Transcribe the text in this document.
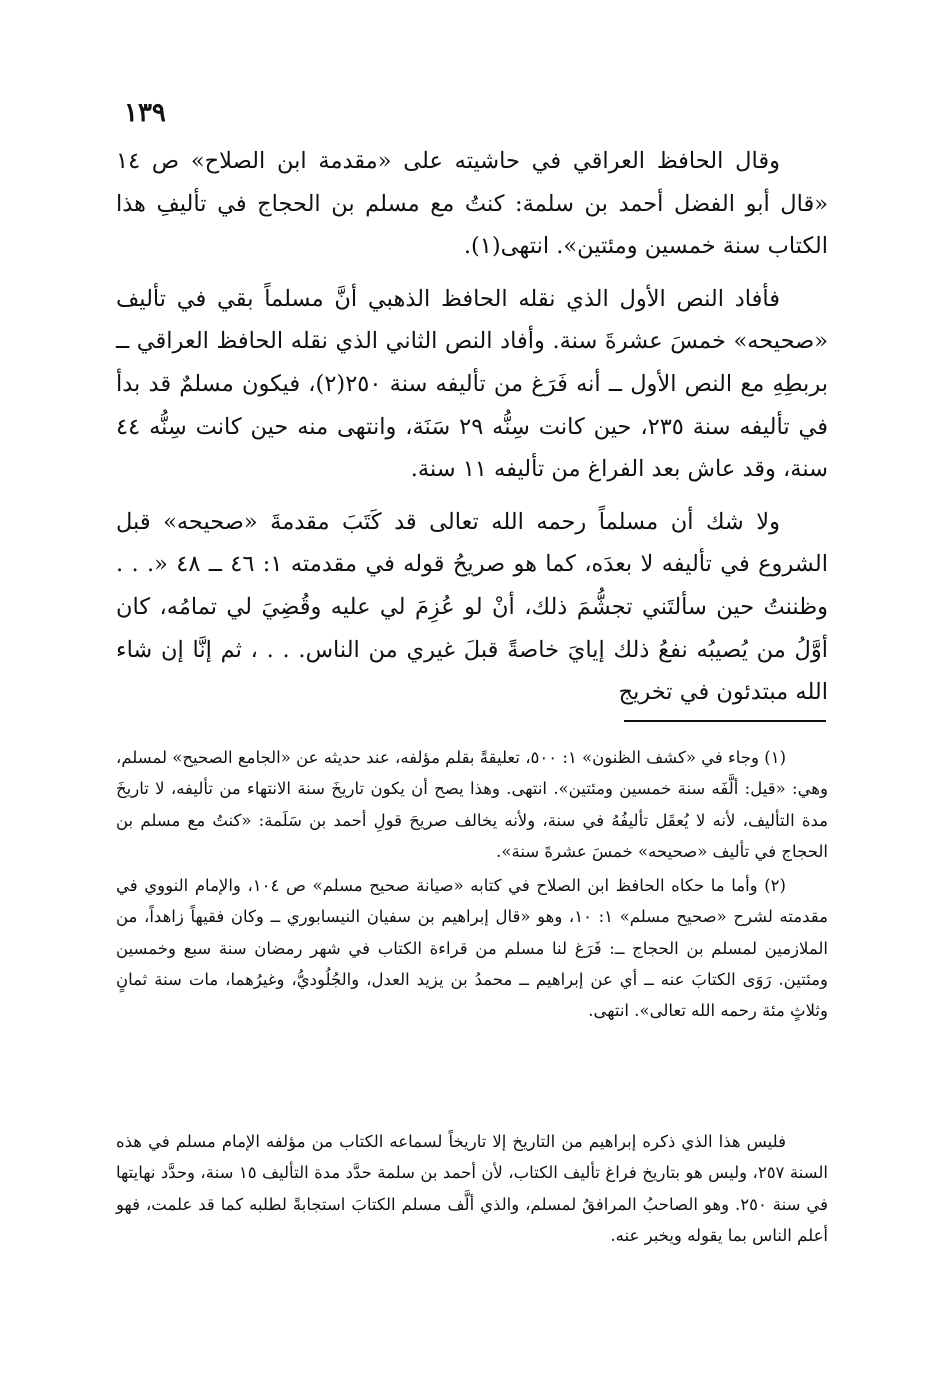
١٣٩

وقال الحافظ العراقي في حاشيته على «مقدمة ابن الصلاح» ص ١٤ «قال أبو الفضل أحمد بن سلمة: كنتُ مع مسلم بن الحجاج في تأليفِ هذا الكتاب سنة خمسين ومئتين». انتهى(١).

فأفاد النص الأول الذي نقله الحافظ الذهبي أنَّ مسلماً بقي في تأليف «صحيحه» خمسَ عشرةَ سنة. وأفاد النص الثاني الذي نقله الحافظ العراقي ــ بربطِهِ مع النص الأول ــ أنه فَرَغ من تأليفه سنة ٢٥٠(٢)، فيكون مسلمٌ قد بدأ في تأليفه سنة ٢٣٥، حين كانت سِنُّه ٢٩ سَنَة، وانتهى منه حين كانت سِنُّه ٤٤ سنة، وقد عاش بعد الفراغ من تأليفه ١١ سنة.

ولا شك أن مسلماً رحمه الله تعالى قد كَتَبَ مقدمةَ «صحيحه» قبل الشروع في تأليفه لا بعدَه، كما هو صريحُ قوله في مقدمته ١: ٤٦ ــ ٤٨ «. . . وظننتُ حين سألتَني تجشُّمَ ذلك، أنْ لو عُزِمَ لي عليه وقُضِيَ لي تمامُه، كان أوَّلُ من يُصيبُه نفعُ ذلك إيايَ خاصةً قبلَ غيري من الناس. . . ، ثم إنَّا إن شاء الله مبتدئون في تخريج

(١) وجاء في «كشف الظنون» ١: ٥٠٠، تعليقةً بقلم مؤلفه، عند حديثه عن «الجامع الصحيح» لمسلم، وهي: «قيل: ألَّفَه سنة خمسين ومئتين». انتهى. وهذا يصح أن يكون تاريخَ سنة الانتهاء من تأليفه، لا تاريخَ مدة التأليف، لأنه لا يُعقَل تأليفُهُ في سنة، ولأنه يخالف صريحَ قولِ أحمد بن سَلَمة: «كنتُ مع مسلم بن الحجاج في تأليف «صحيحه» خمسَ عشرةَ سنة».

(٢) وأما ما حكاه الحافظ ابن الصلاح في كتابه «صيانة صحيح مسلم» ص ١٠٤، والإمام النووي في مقدمته لشرح «صحيح مسلم» ١: ١٠، وهو «قال إبراهيم بن سفيان النيسابوري ــ وكان فقيهاً زاهداً، من الملازمين لمسلم بن الحجاج ــ: فَرَغ لنا مسلم من قراءة الكتاب في شهر رمضان سنة سبع وخمسين ومئتين. رَوَى الكتابَ عنه ــ أي عن إبراهيم ــ محمدُ بن يزيد العدل، والجُلُوديُّ، وغيرُهما، مات سنة ثمانٍ وثلاثٍ مئة رحمه الله تعالى». انتهى.

فليس هذا الذي ذكره إبراهيم من التاريخ إلا تاريخاً لسماعه الكتاب من مؤلفه الإمام مسلم في هذه السنة ٢٥٧، وليس هو بتاريخ فراغ تأليف الكتاب، لأن أحمد بن سلمة حدَّد مدة التأليف ١٥ سنة، وحدَّد نهايتها في سنة ٢٥٠. وهو الصاحبُ المرافقُ لمسلم، والذي ألَّف مسلم الكتابَ استجابةً لطلبه كما قد علمت، فهو أعلم الناس بما يقوله ويخبر عنه.
